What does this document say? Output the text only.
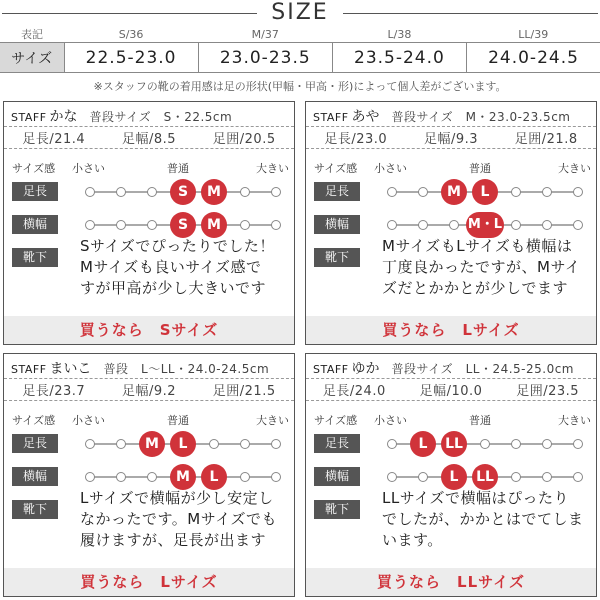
SIZE
表記	S/36	M/37	L/38	LL/39
サイズ	22.5-23.0	23.0-23.5	23.5-24.0	24.0-24.5
※スタッフの靴の着用感は足の形状(甲幅・甲高・形)によって個人差がございます。
STAFF かな 普段サイズ　S・22.5cm
足長/21.4	足幅/8.5	足囲/20.5
サイズ感 小さい	普通	大きい
足長	S	M
横幅	S	M
靴下
Sサイズでぴったりでした！
Mサイズも良いサイズ感で
すが甲高が少し大きいです
買うなら　Sサイズ
STAFF あや 普段サイズ　M・23.0-23.5cm
足長/23.0	足幅/9.3	足囲/21.8
サイズ感 小さい	普通	大きい
足長	M	L
横幅	M・L
靴下
MサイズもLサイズも横幅は
丁度良かったですが、Mサイ
ズだとかかとが少しでます
買うなら　Lサイズ
STAFF まいこ 普段　L〜LL・24.0-24.5cm
足長/23.7	足幅/9.2	足囲/21.5
サイズ感 小さい	普通	大きい
足長	M	L
横幅	M	L
靴下
Lサイズで横幅が少し安定し
なかったです。Mサイズでも
履けますが、足長が出ます
買うなら　Lサイズ
STAFF ゆか 普段サイズ　LL・24.5-25.0cm
足長/24.0	足幅/10.0	足囲/23.5
サイズ感 小さい	普通	大きい
足長	L	LL
横幅	L	LL
靴下
LLサイズで横幅はぴったり
でしたが、かかとはでてしま
います。
買うなら　LLサイズ
